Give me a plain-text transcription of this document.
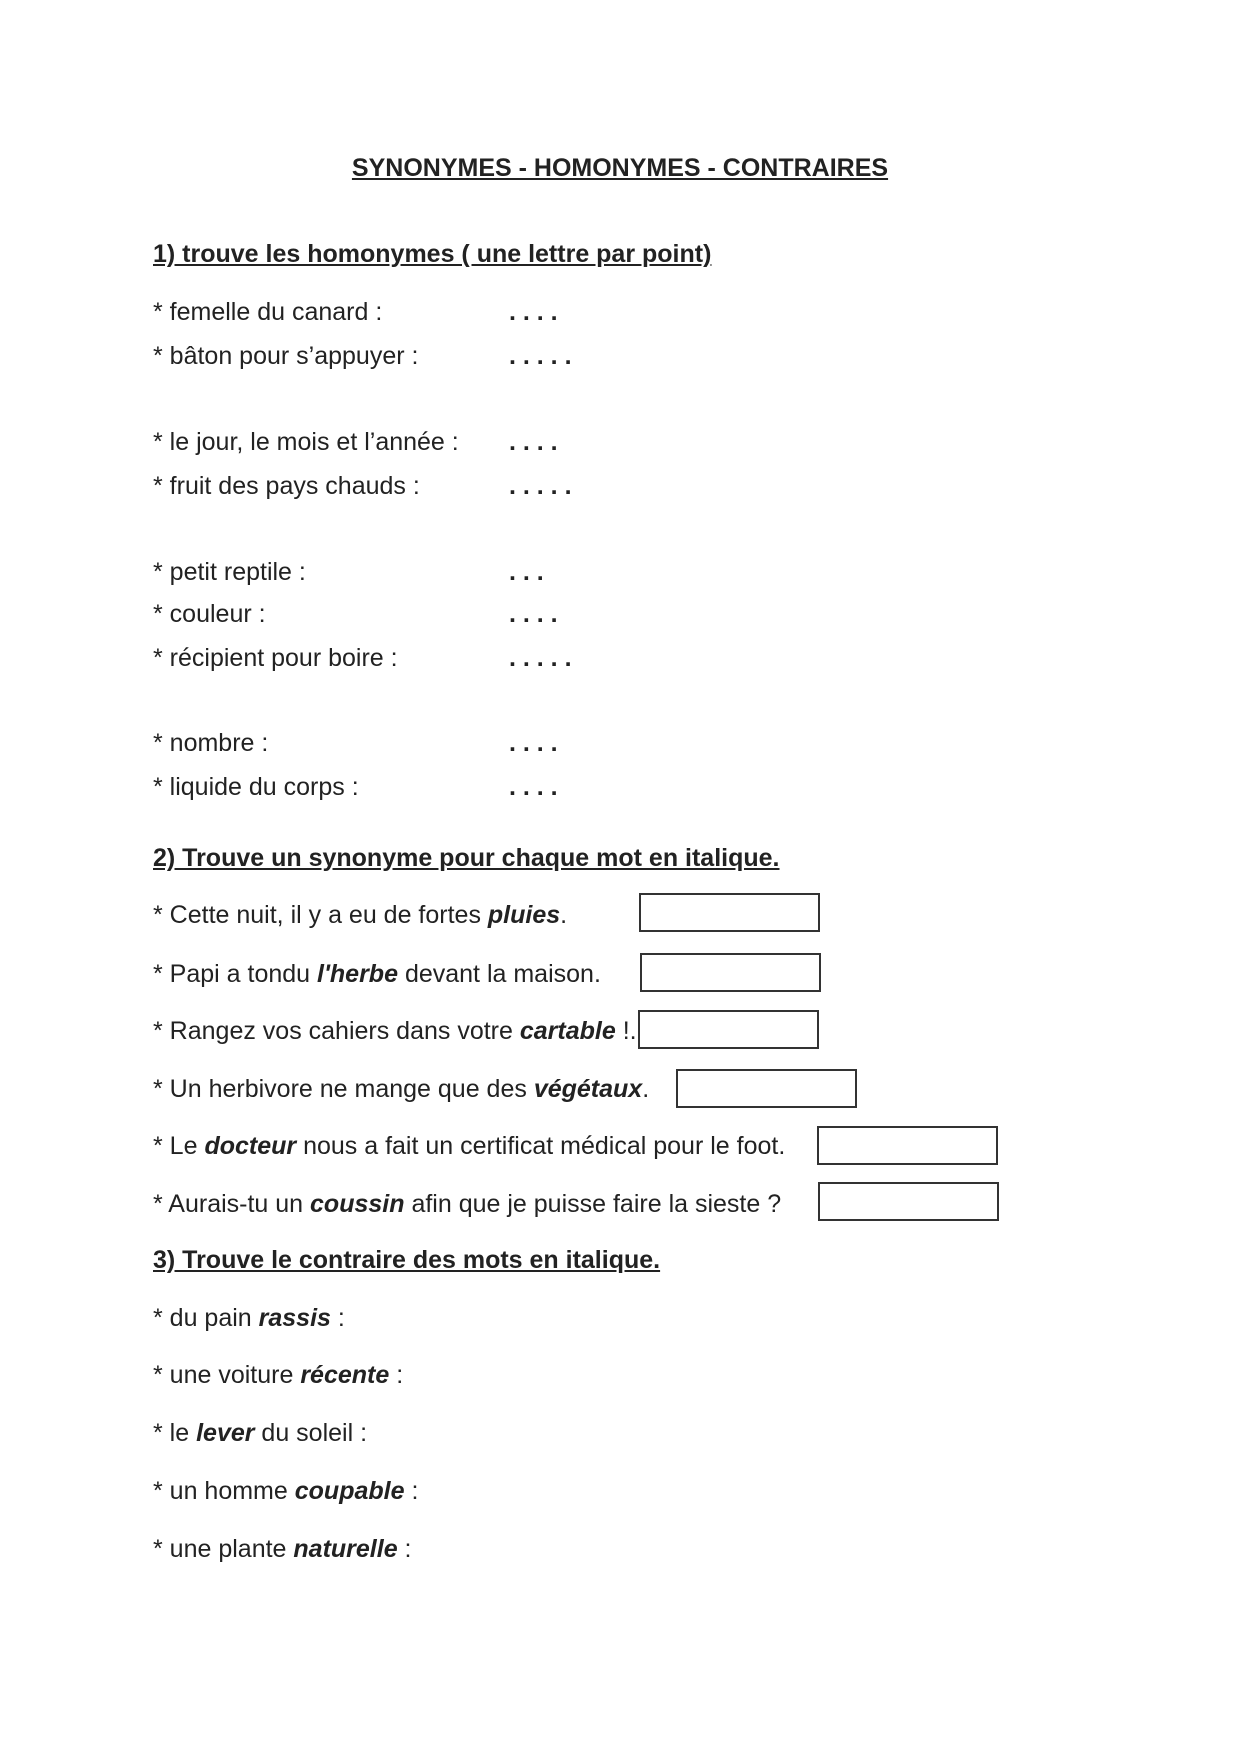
SYNONYMES - HOMONYMES - CONTRAIRES
1) trouve les homonymes ( une lettre par point)
* femelle du canard :	. . . .
* bâton pour s’appuyer :	. . . . .
* le jour, le mois et l’année : . . . .
* fruit des pays chauds :	. . . . .
* petit reptile :	. . .
* couleur :	. . . .
* récipient pour boire :	. . . . .
* nombre :	. . . .
* liquide du corps :	. . . .
2) Trouve un synonyme pour chaque mot en italique.
* Cette nuit, il y a eu de fortes pluies.
* Papi a tondu l'herbe devant la maison.
* Rangez vos cahiers dans votre cartable !.
* Un herbivore ne mange que des végétaux.
* Le docteur nous a fait un certificat médical pour le foot.
* Aurais-tu un coussin afin que je puisse faire la sieste ?
3) Trouve le contraire des mots en italique.
* du pain rassis :
* une voiture récente :
* le lever du soleil :
* un homme coupable :
* une plante naturelle :
